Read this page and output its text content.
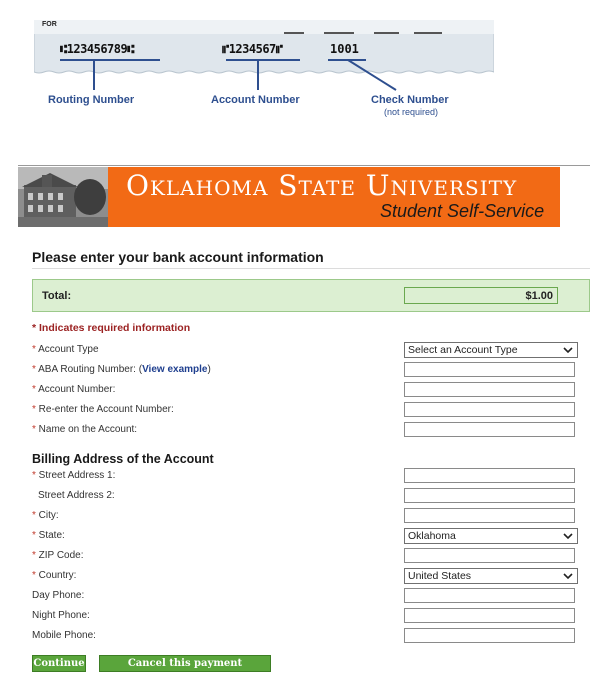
FOR
⑆123456789⑆	⑈1234567⑈	1001
Routing Number	Account Number	Check Number
(not required)
Oklahoma State University
Student Self-Service
Please enter your bank account information
Total:	$1.00
* Indicates required information
* Account Type	Select an Account Type
* ABA Routing Number: (View example)
* Account Number:
* Re-enter the Account Number:
* Name on the Account:
Billing Address of the Account
* Street Address 1:
Street Address 2:
* City:
* State:	Oklahoma
* ZIP Code:
* Country:	United States
Day Phone:
Night Phone:
Mobile Phone:
Continue	Cancel this payment transaction.
